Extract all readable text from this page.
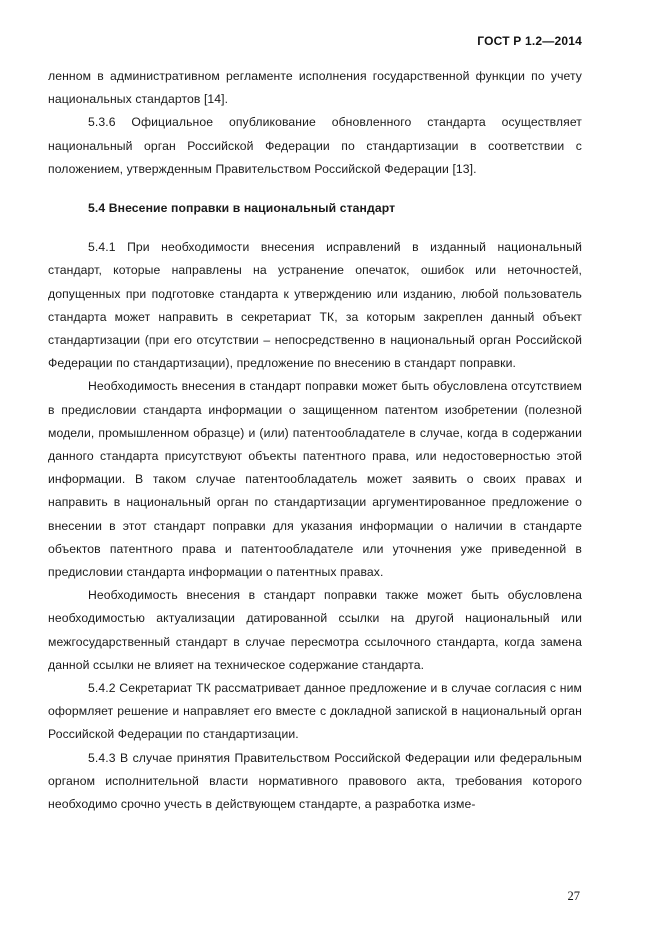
ГОСТ Р 1.2—2014

ленном в административном регламенте исполнения государственной функции по учету национальных стандартов [14].

5.3.6 Официальное опубликование обновленного стандарта осуществляет национальный орган Российской Федерации по стандартизации в соответствии с положением, утвержденным Правительством Российской Федерации [13].

5.4 Внесение поправки в национальный стандарт

5.4.1 При необходимости внесения исправлений в изданный национальный стандарт, которые направлены на устранение опечаток, ошибок или неточностей, допущенных при подготовке стандарта к утверждению или изданию, любой пользователь стандарта может направить в секретариат ТК, за которым закреплен данный объект стандартизации (при его отсутствии – непосредственно в национальный орган Российской Федерации по стандартизации), предложение по внесению в стандарт поправки.

Необходимость внесения в стандарт поправки может быть обусловлена отсутствием в предисловии стандарта информации о защищенном патентом изобретении (полезной модели, промышленном образце) и (или) патентообладателе в случае, когда в содержании данного стандарта присутствуют объекты патентного права, или недостоверностью этой информации. В таком случае патентообладатель может заявить о своих правах и направить в национальный орган по стандартизации аргументированное предложение о внесении в этот стандарт поправки для указания информации о наличии в стандарте объектов патентного права и патентообладателе или уточнения уже приведенной в предисловии стандарта информации о патентных правах.

Необходимость внесения в стандарт поправки также может быть обусловлена необходимостью актуализации датированной ссылки на другой национальный или межгосударственный стандарт в случае пересмотра ссылочного стандарта, когда замена данной ссылки не влияет на техническое содержание стандарта.

5.4.2 Секретариат ТК рассматривает данное предложение и в случае согласия с ним оформляет решение и направляет его вместе с докладной запиской в национальный орган Российской Федерации по стандартизации.

5.4.3 В случае принятия Правительством Российской Федерации или федеральным органом исполнительной власти нормативного правового акта, требования которого необходимо срочно учесть в действующем стандарте, а разработка изме-

27
